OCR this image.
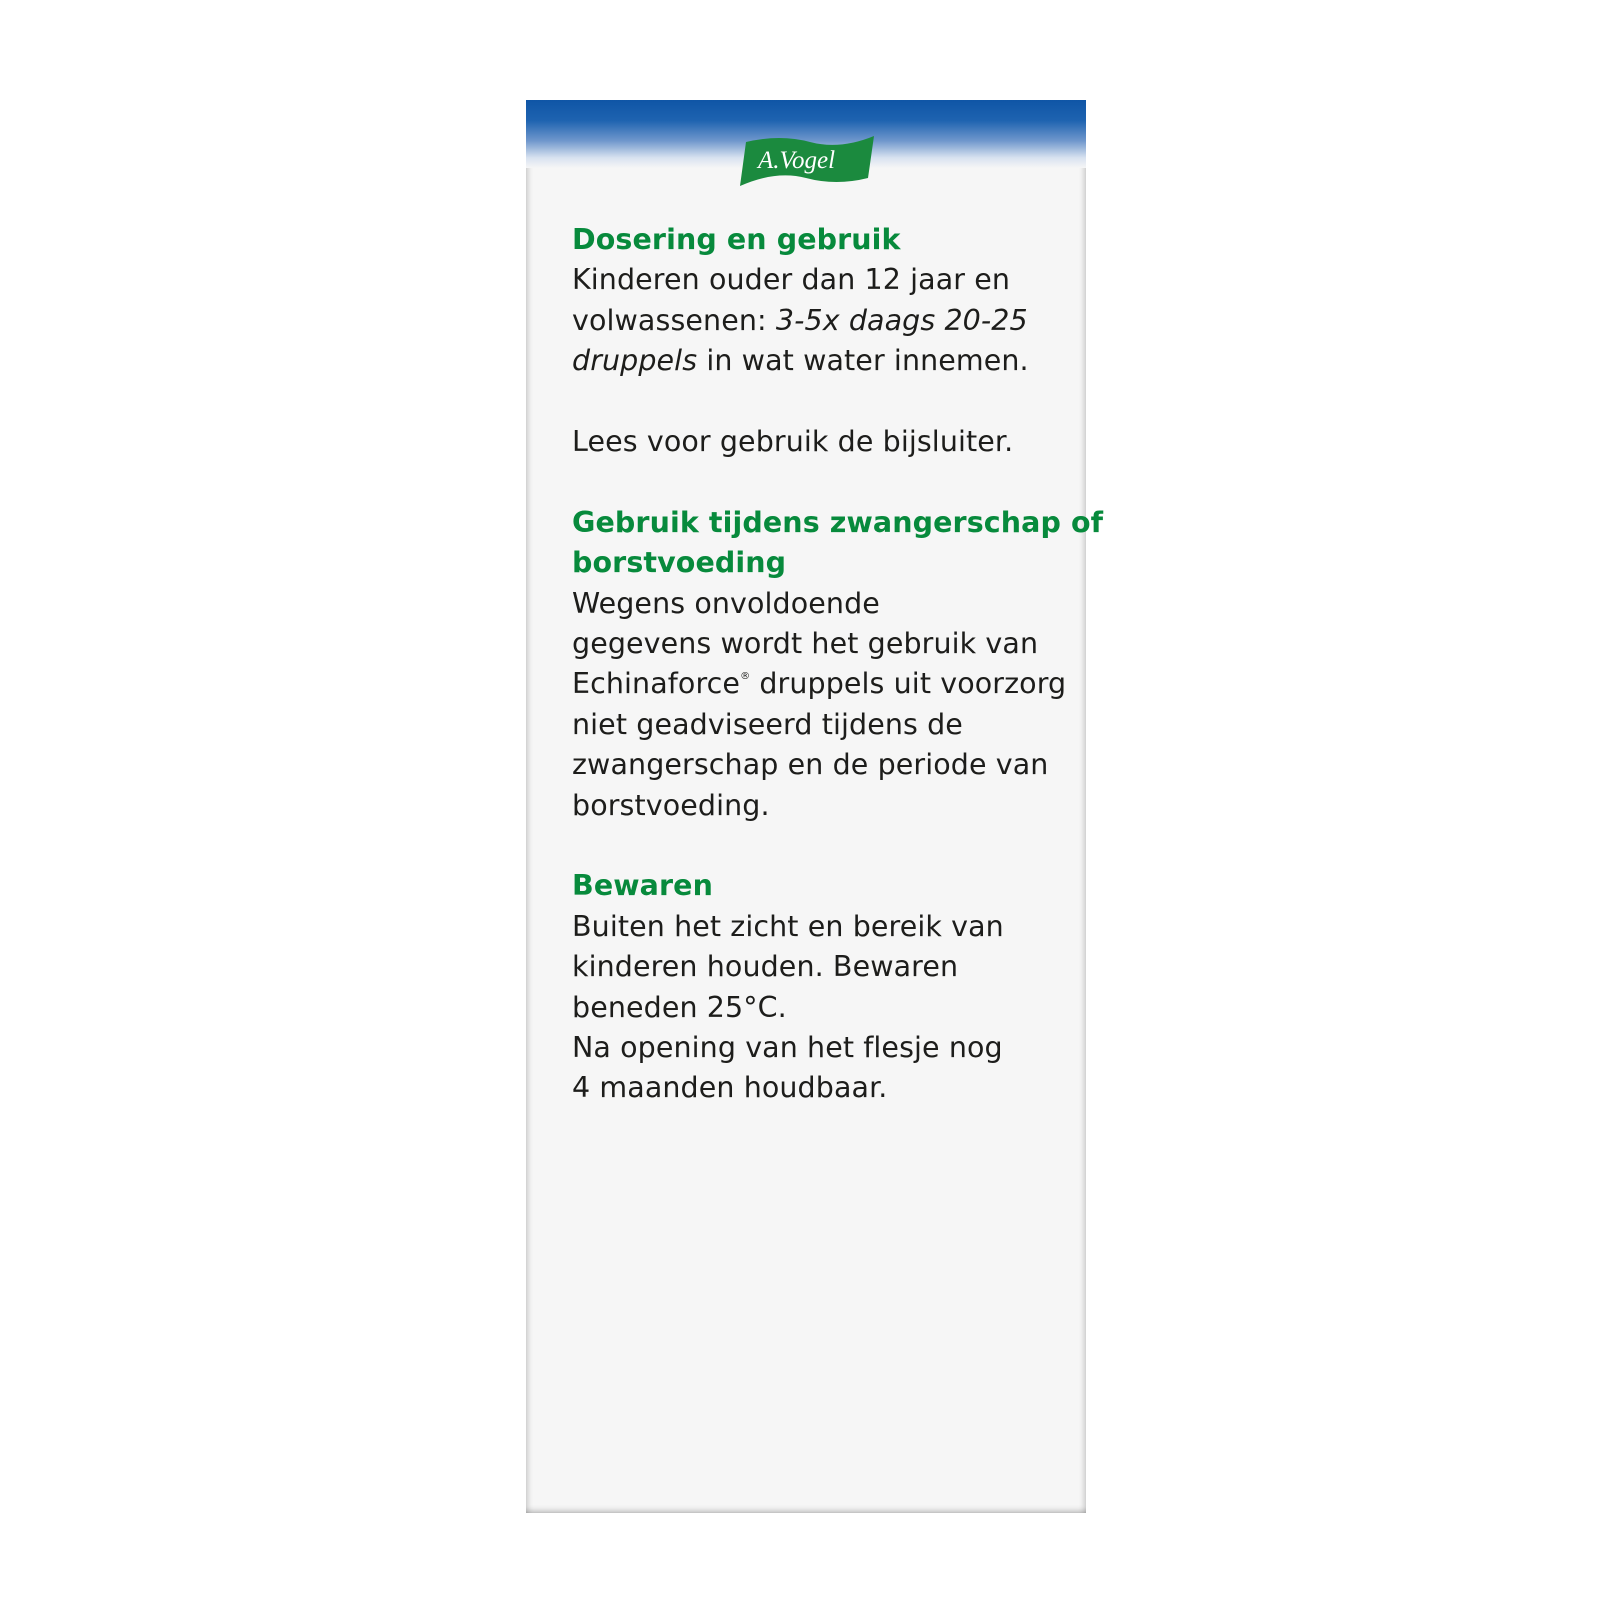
A.Vogel

Dosering en gebruik

Kinderen ouder dan 12 jaar en
volwassenen: 3-5x daags 20-25
druppels in wat water innemen.
Lees voor gebruik de bijsluiter.
Gebruik tijdens zwangerschap of
borstvoeding
Wegens onvoldoende
gegevens wordt het gebruik van
Echinaforce® druppels uit voorzorg
niet geadviseerd tijdens de
zwangerschap en de periode van
borstvoeding.
Bewaren
Buiten het zicht en bereik van
kinderen houden. Bewaren
beneden 25°C.
Na opening van het flesje nog
4 maanden houdbaar.
